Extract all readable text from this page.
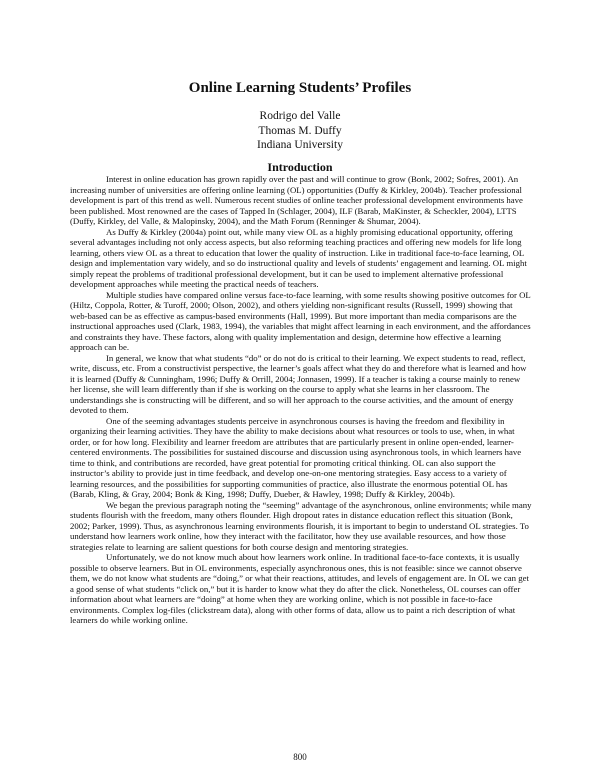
Online Learning Students’ Profiles
Rodrigo del Valle
Thomas M. Duffy
Indiana University
Introduction

Interest in online education has grown rapidly over the past and will continue to grow (Bonk, 2002; Sofres, 2001). An increasing number of universities are offering online learning (OL) opportunities (Duffy & Kirkley, 2004b). Teacher professional development is part of this trend as well. Numerous recent studies of online teacher professional development environments have been published. Most renowned are the cases of Tapped In (Schlager, 2004), ILF (Barab, MaKinster, & Scheckler, 2004), LTTS (Duffy, Kirkley, del Valle, & Malopinsky, 2004), and the Math Forum (Renninger & Shumar, 2004).

As Duffy & Kirkley (2004a) point out, while many view OL as a highly promising educational opportunity, offering several advantages including not only access aspects, but also reforming teaching practices and offering new models for life long learning, others view OL as a threat to education that lower the quality of instruction. Like in traditional face-to-face learning, OL design and implementation vary widely, and so do instructional quality and levels of students’ engagement and learning. OL might simply repeat the problems of traditional professional development, but it can be used to implement alternative professional development approaches while meeting the practical needs of teachers.

Multiple studies have compared online versus face-to-face learning, with some results showing positive outcomes for OL (Hiltz, Coppola, Rotter, & Turoff, 2000; Olson, 2002), and others yielding non-significant results (Russell, 1999) showing that web-based can be as effective as campus-based environments (Hall, 1999). But more important than media comparisons are the instructional approaches used (Clark, 1983, 1994), the variables that might affect learning in each environment, and the affordances and constraints they have. These factors, along with quality implementation and design, determine how effective a learning approach can be.

In general, we know that what students “do” or do not do is critical to their learning. We expect students to read, reflect, write, discuss, etc. From a constructivist perspective, the learner’s goals affect what they do and therefore what is learned and how it is learned (Duffy & Cunningham, 1996; Duffy & Orrill, 2004; Jonnasen, 1999). If a teacher is taking a course mainly to renew her license, she will learn differently than if she is working on the course to apply what she learns in her classroom. The understandings she is constructing will be different, and so will her approach to the course activities, and the amount of energy devoted to them.

One of the seeming advantages students perceive in asynchronous courses is having the freedom and flexibility in organizing their learning activities. They have the ability to make decisions about what resources or tools to use, when, in what order, or for how long. Flexibility and learner freedom are attributes that are particularly present in online open-ended, learner-centered environments. The possibilities for sustained discourse and discussion using asynchronous tools, in which learners have time to think, and contributions are recorded, have great potential for promoting critical thinking. OL can also support the instructor’s ability to provide just in time feedback, and develop one-on-one mentoring strategies. Easy access to a variety of learning resources, and the possibilities for supporting communities of practice, also illustrate the enormous potential OL has (Barab, Kling, & Gray, 2004; Bonk & King, 1998; Duffy, Dueber, & Hawley, 1998; Duffy & Kirkley, 2004b).

We began the previous paragraph noting the “seeming” advantage of the asynchronous, online environments; while many students flourish with the freedom, many others flounder. High dropout rates in distance education reflect this situation (Bonk, 2002; Parker, 1999). Thus, as asynchronous learning environments flourish, it is important to begin to understand OL strategies. To understand how learners work online, how they interact with the facilitator, how they use available resources, and how those strategies relate to learning are salient questions for both course design and mentoring strategies.

Unfortunately, we do not know much about how learners work online. In traditional face-to-face contexts, it is usually possible to observe learners. But in OL environments, especially asynchronous ones, this is not feasible: since we cannot observe them, we do not know what students are “doing,” or what their reactions, attitudes, and levels of engagement are. In OL we can get a good sense of what students “click on,” but it is harder to know what they do after the click. Nonetheless, OL courses can offer information about what learners are “doing” at home when they are working online, which is not possible in face-to-face environments. Complex log-files (clickstream data), along with other forms of data, allow us to paint a rich description of what learners do while working online.

800
